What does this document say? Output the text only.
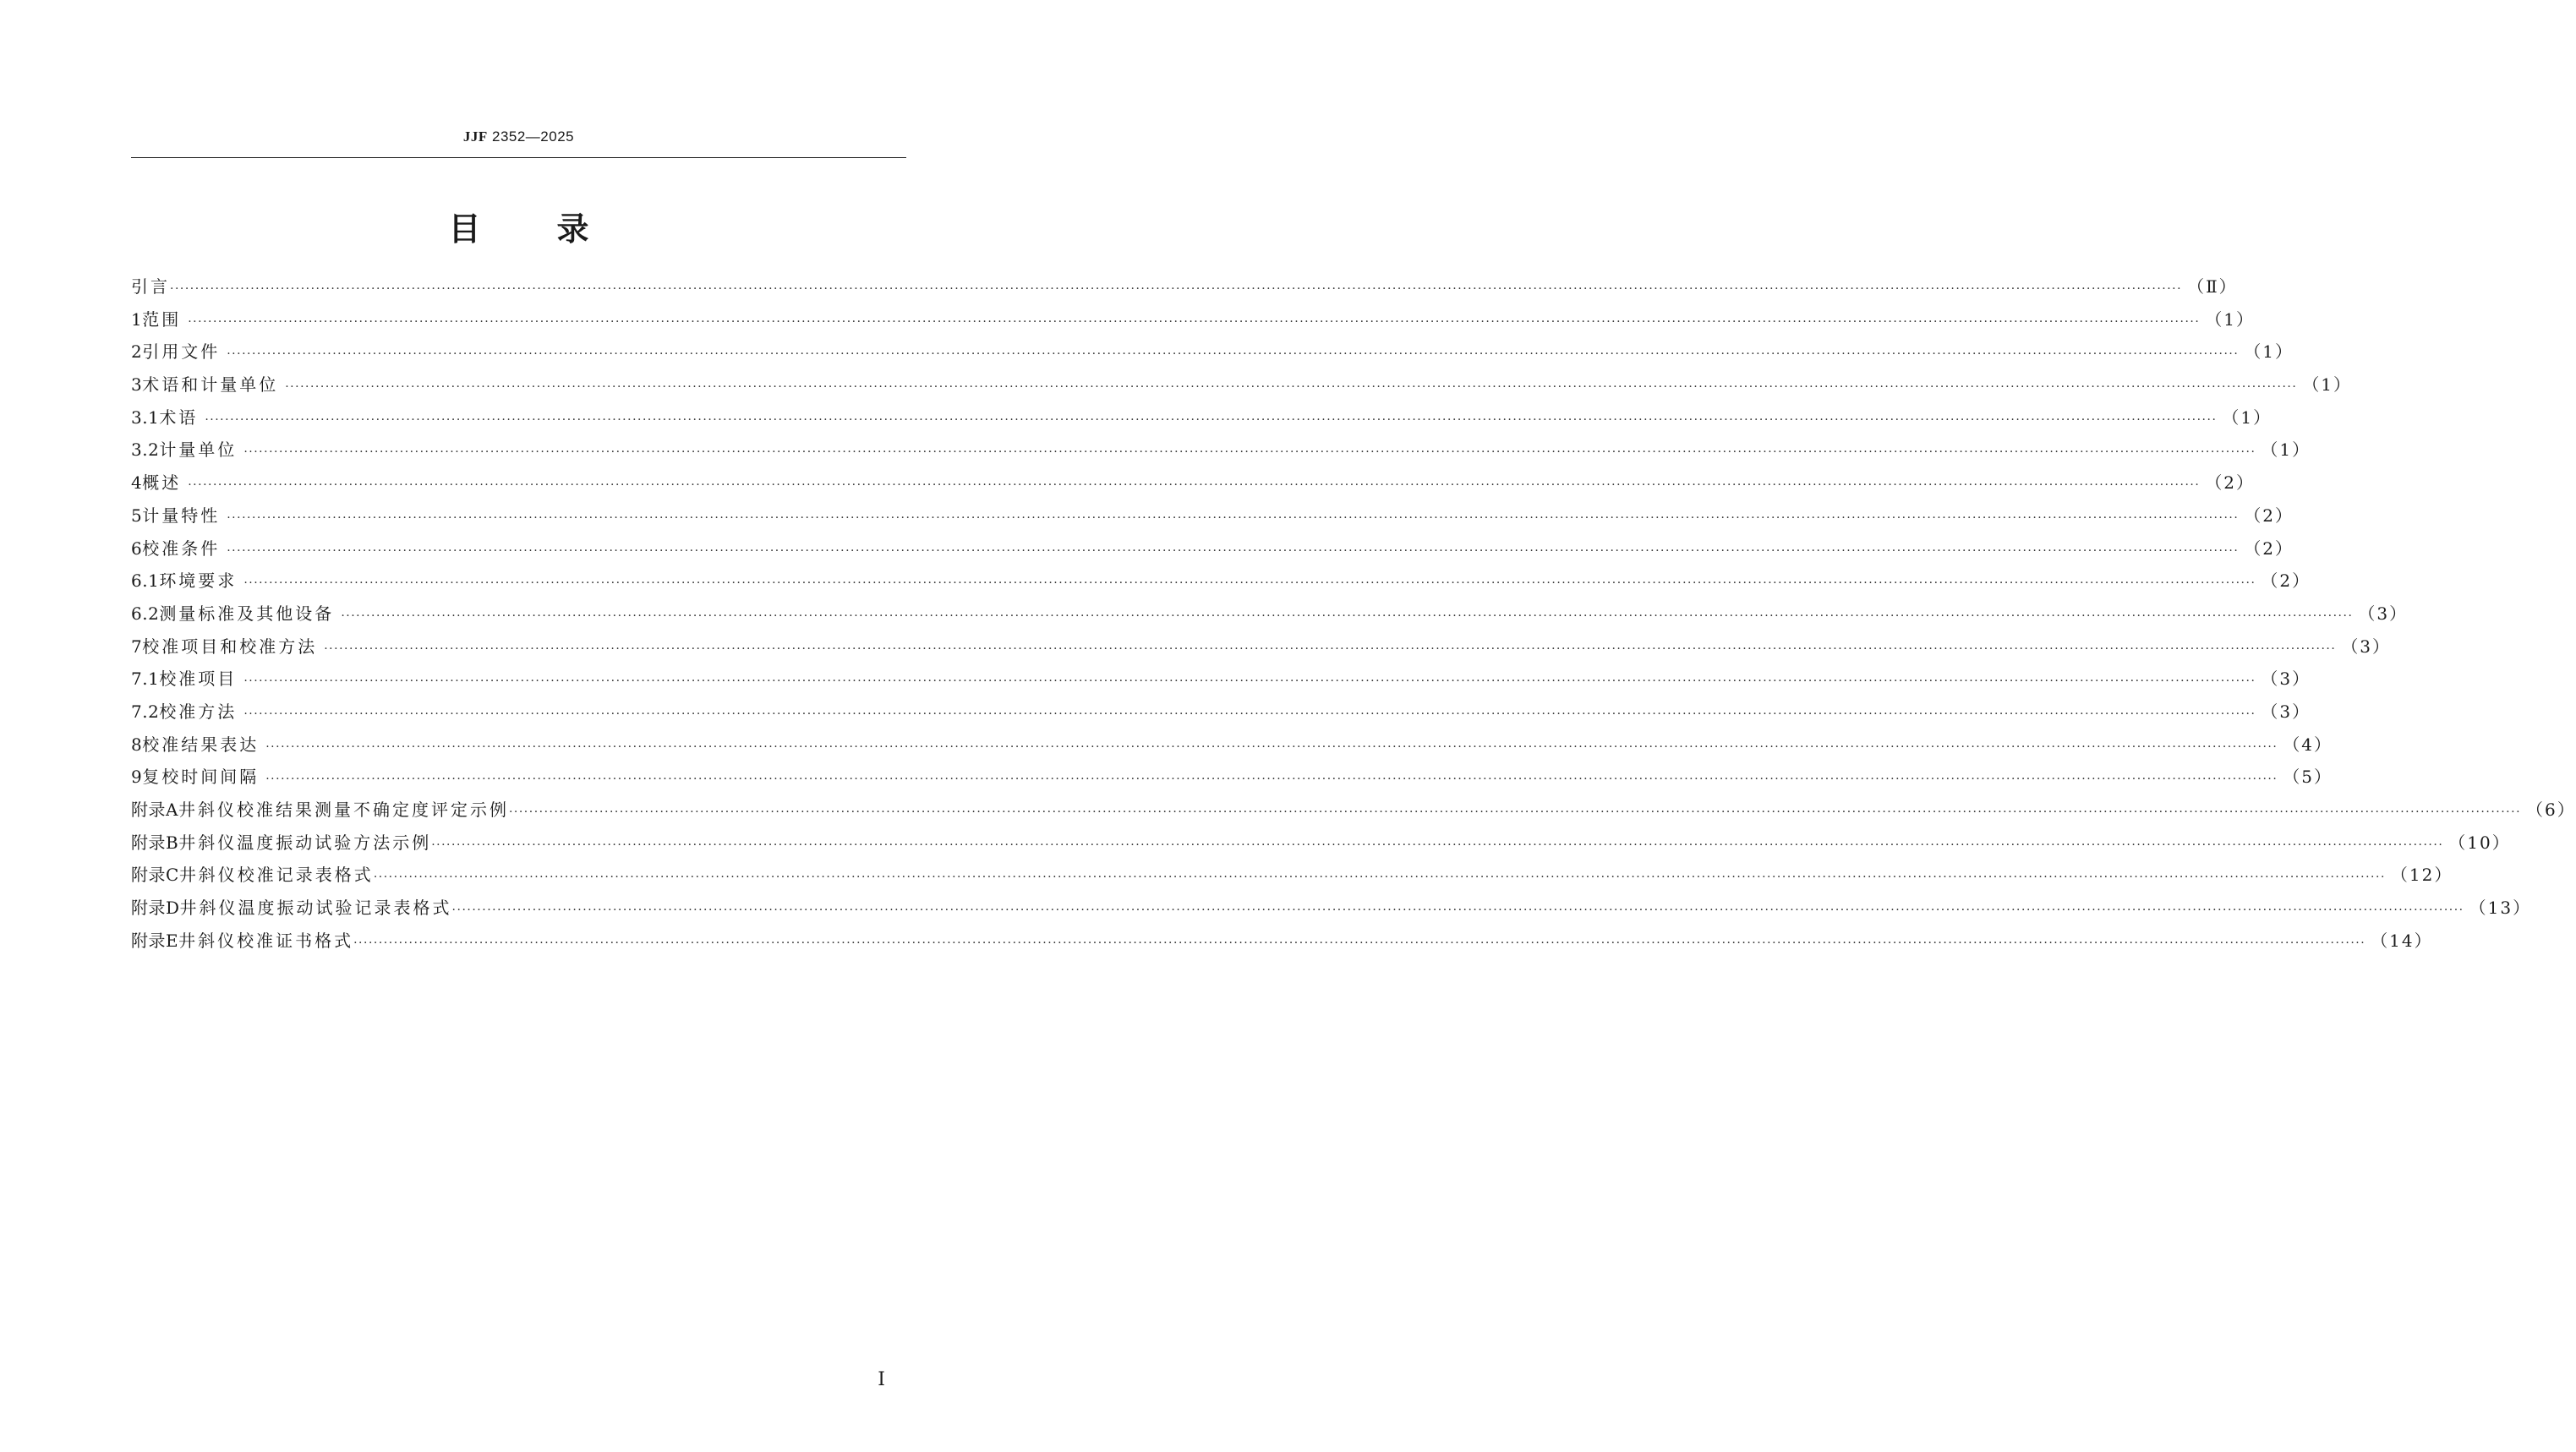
JJF 2352—2025
目 录
引言 ················································································································································································································································································································································································································ （Ⅱ）
1 范围 ················································································································································································································································································································································································································ （1）
2 引用文件 ················································································································································································································································································································································································································ （1）
3 术语和计量单位 ················································································································································································································································································································································································································ （1）
3.1 术语 ················································································································································································································································································································································································································ （1）
3.2 计量单位 ················································································································································································································································································································································································································ （1）
4 概述 ················································································································································································································································································································································································································ （2）
5 计量特性 ················································································································································································································································································································································································································ （2）
6 校准条件 ················································································································································································································································································································································································································ （2）
6.1 环境要求 ················································································································································································································································································································································································································ （2）
6.2 测量标准及其他设备 ················································································································································································································································································································································································································ （3）
7 校准项目和校准方法 ················································································································································································································································································································································································································ （3）
7.1 校准项目 ················································································································································································································································································································································································································ （3）
7.2 校准方法 ················································································································································································································································································································································································································ （3）
8 校准结果表达 ················································································································································································································································································································································································································ （4）
9 复校时间间隔 ················································································································································································································································································································································································································ （5）
附录A 井斜仪校准结果测量不确定度评定示例 ················································································································································································································································································································································································································ （6）
附录B 井斜仪温度振动试验方法示例 ················································································································································································································································································································································································································ （10）
附录C 井斜仪校准记录表格式 ················································································································································································································································································································································································································ （12）
附录D 井斜仪温度振动试验记录表格式 ················································································································································································································································································································································································································ （13）
附录E 井斜仪校准证书格式 ················································································································································································································································································································································································································ （14）
I
